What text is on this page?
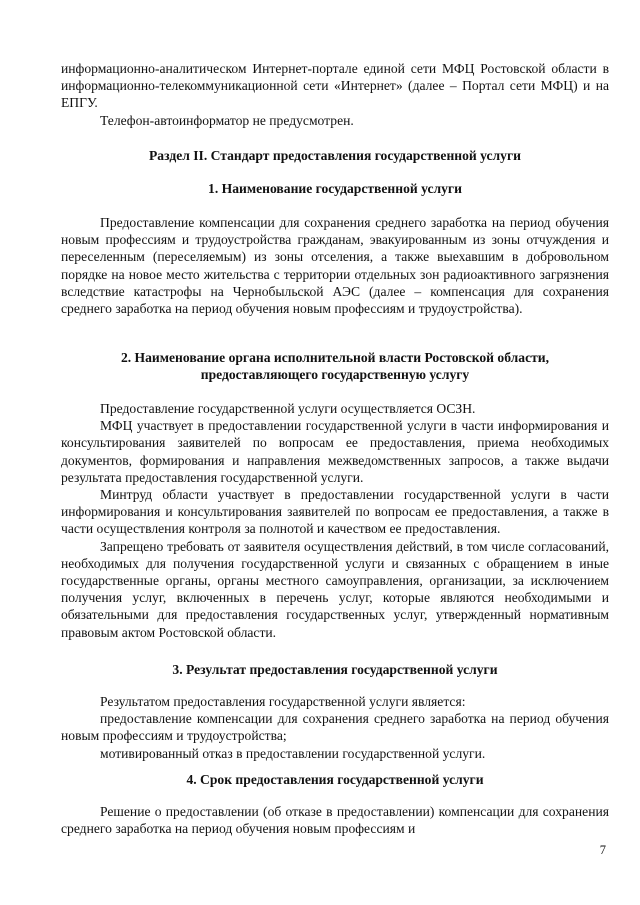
информационно-аналитическом Интернет-портале единой сети МФЦ Ростовской области в информационно-телекоммуникационной сети «Интернет» (далее – Портал сети МФЦ) и на ЕПГУ.

Телефон-автоинформатор не предусмотрен.

Раздел II. Стандарт предоставления государственной услуги

1. Наименование государственной услуги

Предоставление компенсации для сохранения среднего заработка на период обучения новым профессиям и трудоустройства гражданам, эвакуированным из зоны отчуждения и переселенным (переселяемым) из зоны отселения, а также выехавшим в добровольном порядке на новое место жительства с территории отдельных зон радиоактивного загрязнения вследствие катастрофы на Чернобыльской АЭС (далее – компенсация для сохранения среднего заработка на период обучения новым профессиям и трудоустройства).

2. Наименование органа исполнительной власти Ростовской области,

предоставляющего государственную услугу

Предоставление государственной услуги осуществляется ОСЗН.

МФЦ участвует в предоставлении государственной услуги в части информирования и консультирования заявителей по вопросам ее предоставления, приема необходимых документов, формирования и направления межведомственных запросов, а также выдачи результата предоставления государственной услуги.

Минтруд области участвует в предоставлении государственной услуги в части информирования и консультирования заявителей по вопросам ее предоставления, а также в части осуществления контроля за полнотой и качеством ее предоставления.

Запрещено требовать от заявителя осуществления действий, в том числе согласований, необходимых для получения государственной услуги и связанных с обращением в иные государственные органы, органы местного самоуправления, организации, за исключением получения услуг, включенных в перечень услуг, которые являются необходимыми и обязательными для предоставления государственных услуг, утвержденный нормативным правовым актом Ростовской области.

3. Результат предоставления государственной услуги

Результатом предоставления государственной услуги является:

предоставление компенсации для сохранения среднего заработка на период обучения новым профессиям и трудоустройства;

мотивированный отказ в предоставлении государственной услуги.

4. Срок предоставления государственной услуги

Решение о предоставлении (об отказе в предоставлении) компенсации для сохранения среднего заработка на период обучения новым профессиям и

7
